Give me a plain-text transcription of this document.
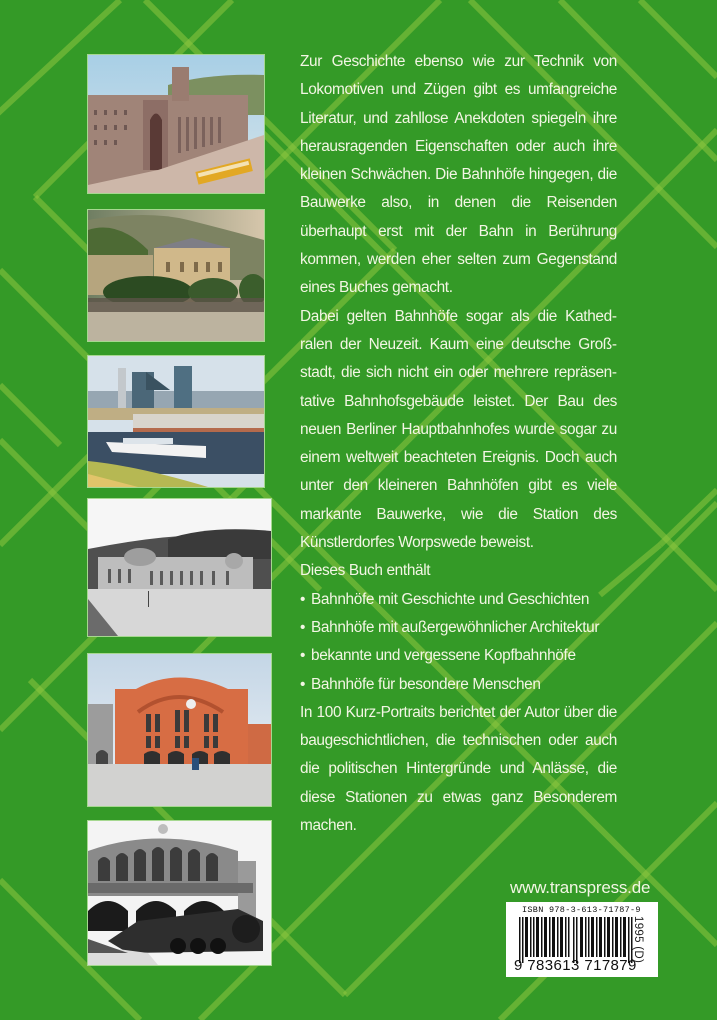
Zur Geschichte ebenso wie zur Technik von Lokomotiven und Zügen gibt es umfangreiche Literatur, und zahllose Anekdoten spiegeln ihre herausragenden Eigenschaften oder auch ihre kleinen Schwächen. Die Bahnhöfe hingegen, die Bauwerke also, in denen die Reisenden überhaupt erst mit der Bahn in Berührung kommen, werden eher selten zum Gegenstand eines Buches gemacht.

Dabei gelten Bahnhöfe sogar als die Kathedralen der Neuzeit. Kaum eine deutsche Großstadt, die sich nicht ein oder mehrere repräsentative Bahnhofsgebäude leistet. Der Bau des neuen Berliner Hauptbahnhofes wurde sogar zu einem weltweit beachteten Ereignis. Doch auch unter den kleineren Bahnhöfen gibt es viele markante Bauwerke, wie die Station des Künstlerdorfes Worpswede beweist.

Dieses Buch enthält

• Bahnhöfe mit Geschichte und Geschichten
• Bahnhöfe mit außergewöhnlicher Architektur
• bekannte und vergessene Kopfbahnhöfe
• Bahnhöfe für besondere Menschen

In 100 Kurz-Portraits berichtet der Autor über die baugeschichtlichen, die technischen oder auch die politischen Hintergründe und Anlässe, die diese Stationen zu etwas ganz Besonderem machen.

www.transpress.de
ISBN 978-3-613-71787-9
9 783613 717879
1995 (D)
